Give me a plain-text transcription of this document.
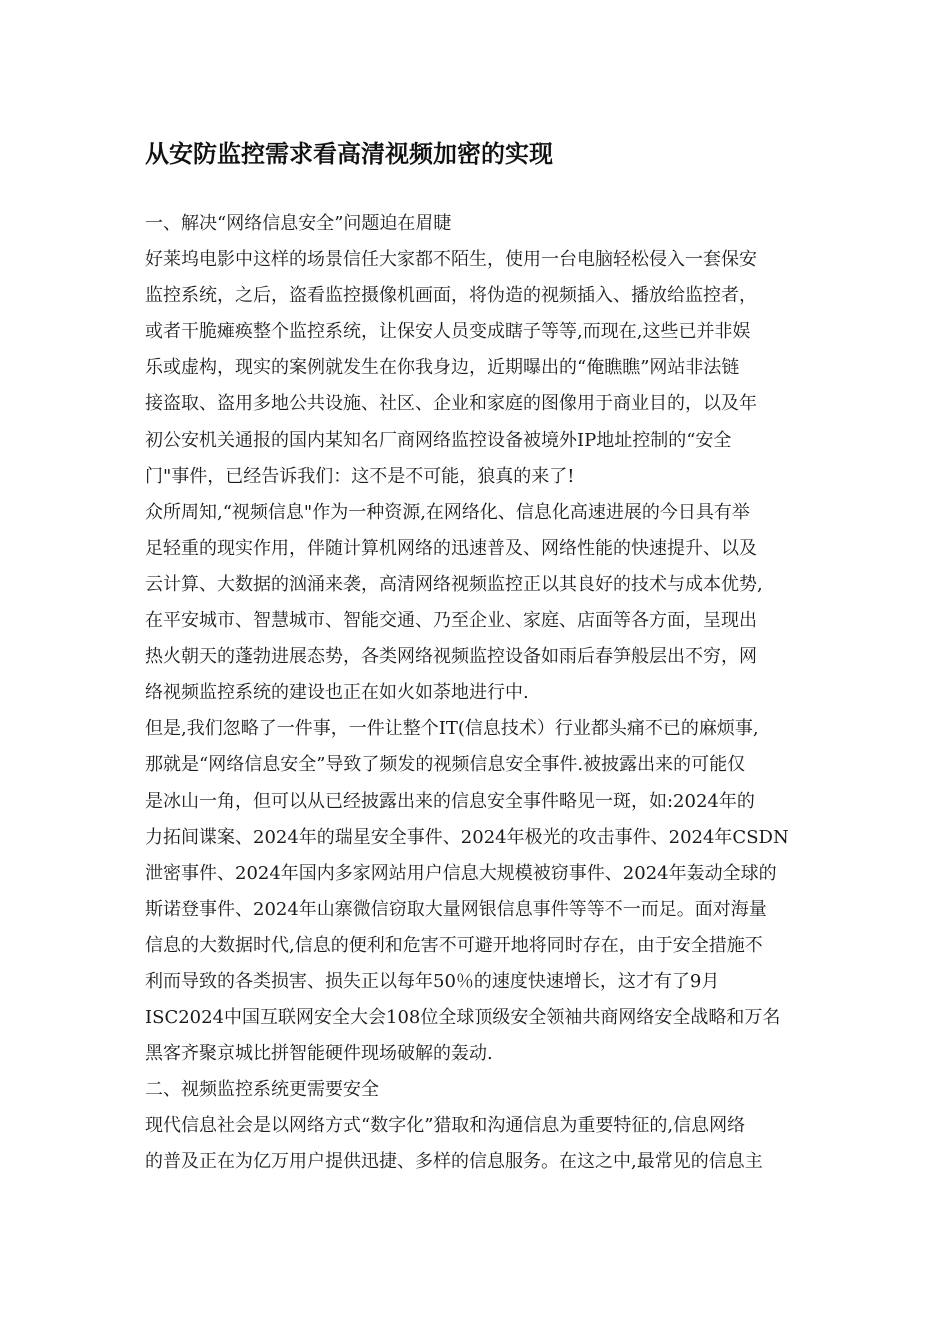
从安防监控需求看高清视频加密的实现
一、解决“网络信息安全”问题迫在眉睫
好莱坞电影中这样的场景信任大家都不陌生，使用一台电脑轻松侵入一套保安
监控系统，之后，盗看监控摄像机画面，将伪造的视频插入、播放给监控者，
或者干脆瘫痪整个监控系统，让保安人员变成瞎子等等,而现在,这些已并非娱
乐或虚构，现实的案例就发生在你我身边，近期曝出的“俺瞧瞧”网站非法链
接盗取、盗用多地公共设施、社区、企业和家庭的图像用于商业目的，以及年
初公安机关通报的国内某知名厂商网络监控设备被境外IP地址控制的“安全
门"事件，已经告诉我们：这不是不可能，狼真的来了!
众所周知,“视频信息"作为一种资源,在网络化、信息化高速进展的今日具有举
足轻重的现实作用，伴随计算机网络的迅速普及、网络性能的快速提升、以及
云计算、大数据的汹涌来袭，高清网络视频监控正以其良好的技术与成本优势,
在平安城市、智慧城市、智能交通、乃至企业、家庭、店面等各方面，呈现出
热火朝天的蓬勃进展态势，各类网络视频监控设备如雨后春笋般层出不穷，网
络视频监控系统的建设也正在如火如荼地进行中.
但是,我们忽略了一件事，一件让整个IT(信息技术）行业都头痛不已的麻烦事,
那就是“网络信息安全”导致了频发的视频信息安全事件.被披露出来的可能仅
是冰山一角，但可以从已经披露出来的信息安全事件略见一斑，如:2024年的
力拓间谍案、2024年的瑞星安全事件、2024年极光的攻击事件、2024年CSDN
泄密事件、2024年国内多家网站用户信息大规模被窃事件、2024年轰动全球的
斯诺登事件、2024年山寨微信窃取大量网银信息事件等等不一而足。面对海量
信息的大数据时代,信息的便利和危害不可避开地将同时存在，由于安全措施不
利而导致的各类损害、损失正以每年50％的速度快速增长，这才有了9月
ISC2024中国互联网安全大会108位全球顶级安全领袖共商网络安全战略和万名
黑客齐聚京城比拼智能硬件现场破解的轰动.
二、视频监控系统更需要安全
现代信息社会是以网络方式“数字化”猎取和沟通信息为重要特征的,信息网络
的普及正在为亿万用户提供迅捷、多样的信息服务。在这之中,最常见的信息主
